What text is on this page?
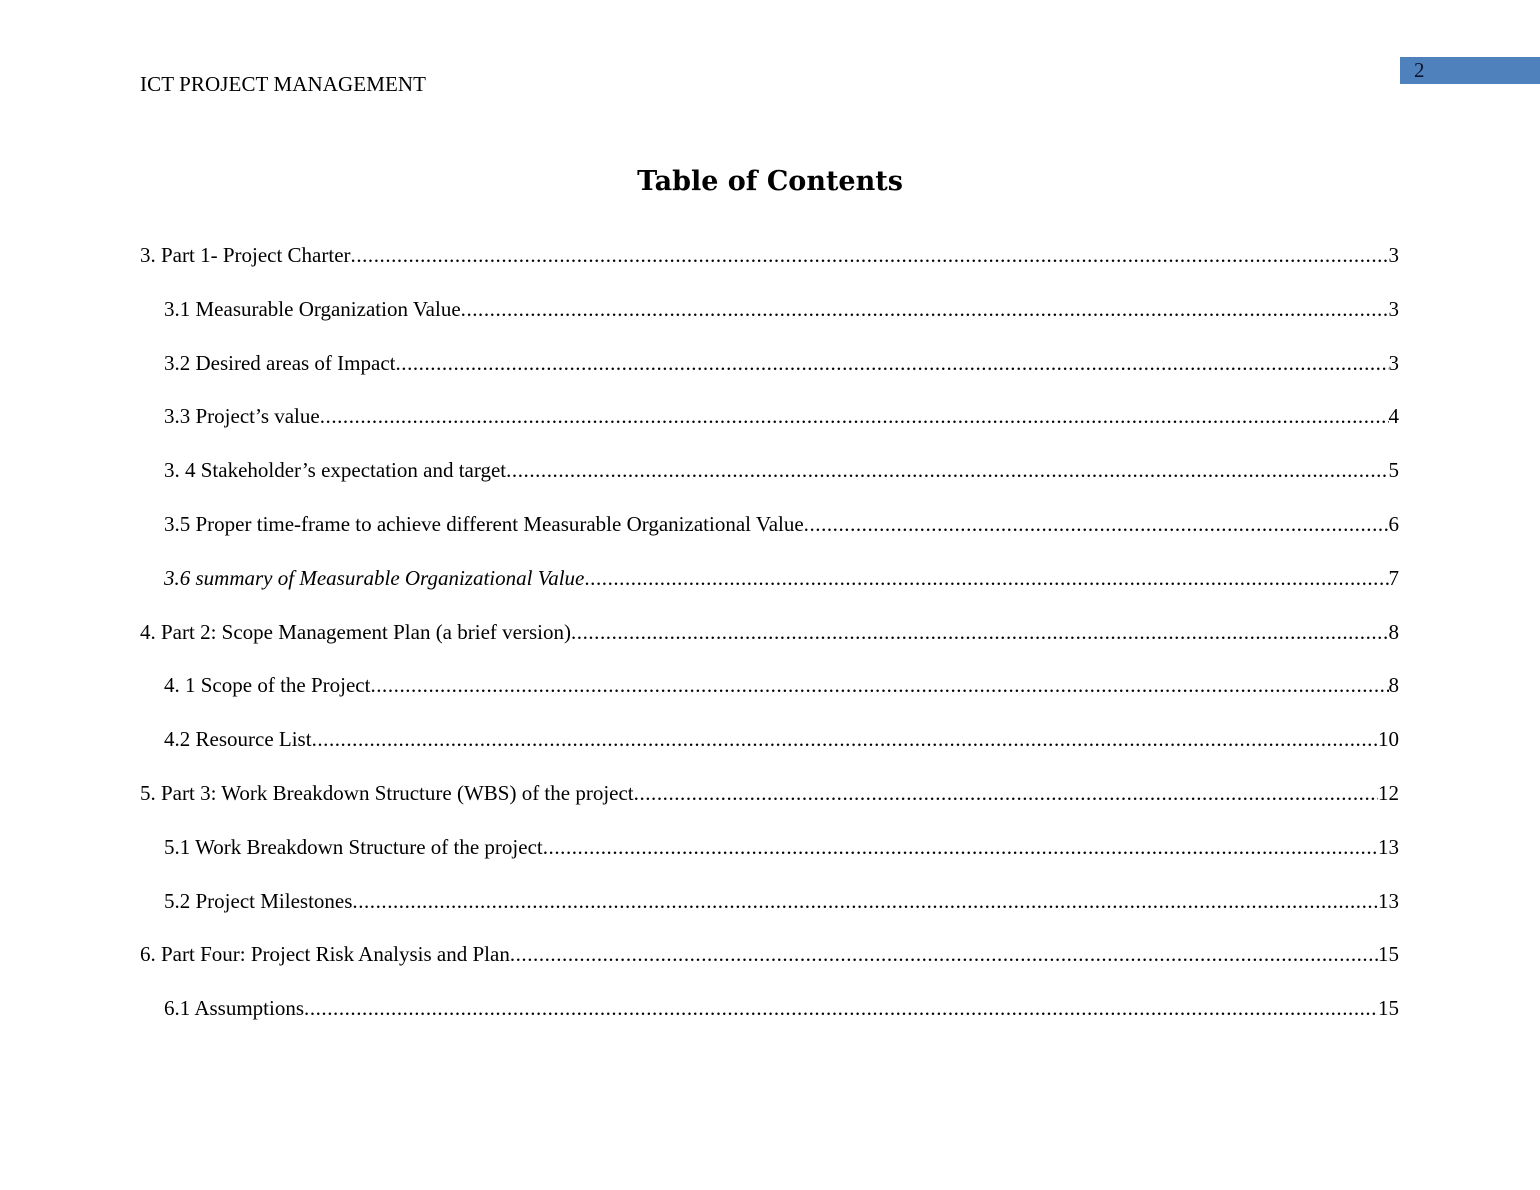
2
ICT PROJECT MANAGEMENT
Table of Contents
3. Part 1- Project Charter .....	3
3.1 Measurable Organization Value .....	3
3.2 Desired areas of Impact .....	3
3.3 Project’s value .....	4
3. 4 Stakeholder’s expectation and target .....	5
3.5 Proper time-frame to achieve different Measurable Organizational Value .....	6
3.6 summary of Measurable Organizational Value .....	7
4. Part 2: Scope Management Plan (a brief version) .....	8
4. 1 Scope of the Project .....	8
4.2 Resource List .....	10
5. Part 3: Work Breakdown Structure (WBS) of the project .....	12
5.1 Work Breakdown Structure of the project .....	13
5.2 Project Milestones .....	13
6. Part Four: Project Risk Analysis and Plan .....	15
6.1 Assumptions .....	15
